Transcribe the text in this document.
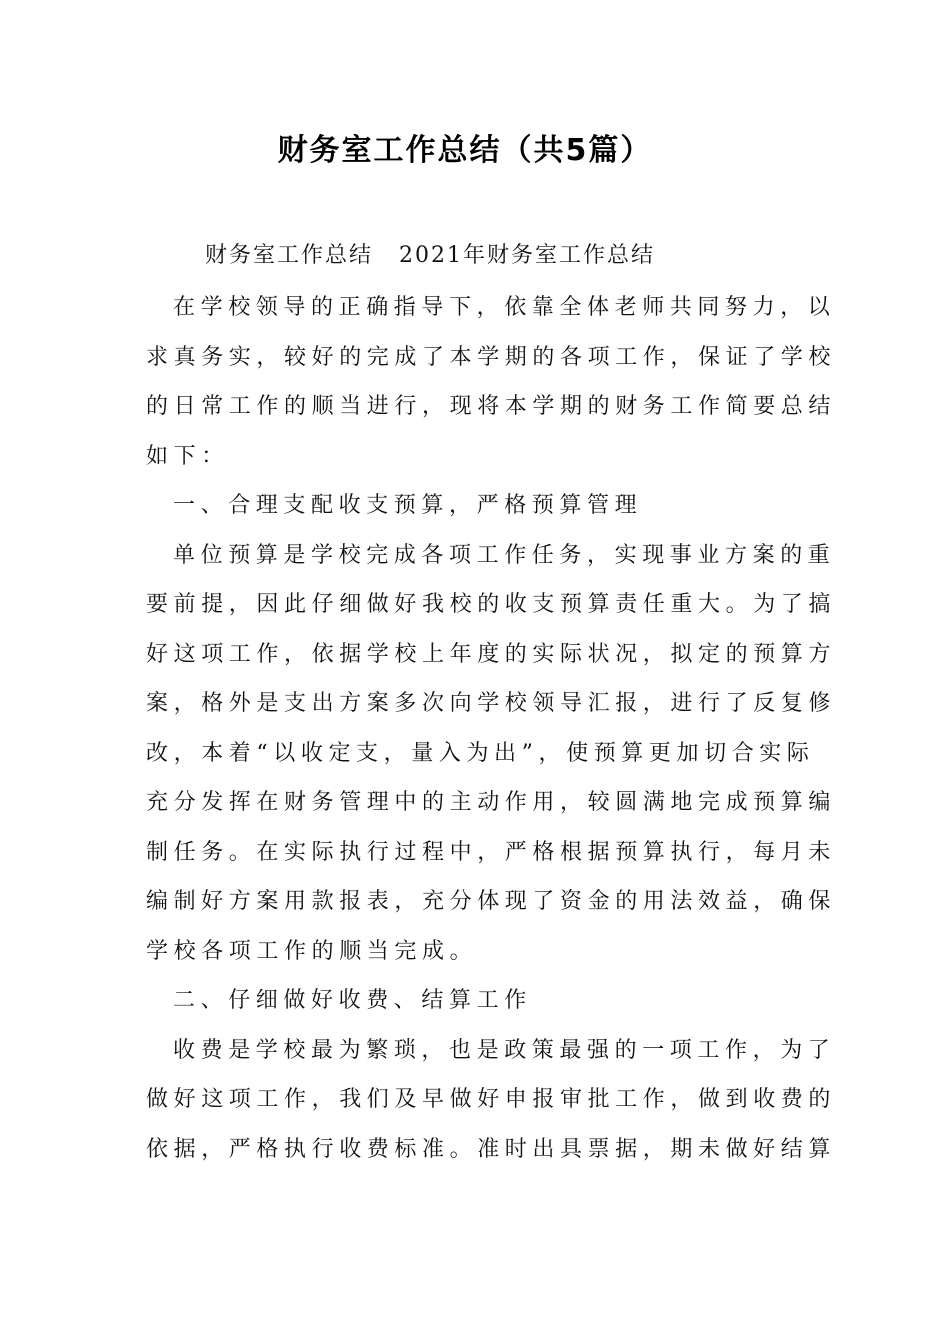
财务室工作总结（共5篇）
财务室工作总结 2021年财务室工作总结
在学校领导的正确指导下，依靠全体老师共同努力，以
求真务实，较好的完成了本学期的各项工作，保证了学校
的日常工作的顺当进行，现将本学期的财务工作简要总结
如下：
一、合理支配收支预算，严格预算管理
单位预算是学校完成各项工作任务，实现事业方案的重
要前提，因此仔细做好我校的收支预算责任重大。为了搞
好这项工作，依据学校上年度的实际状况，拟定的预算方
案，格外是支出方案多次向学校领导汇报，进行了反复修
改，本着“以收定支，量入为出”，使预算更加切合实际
充分发挥在财务管理中的主动作用，较圆满地完成预算编
制任务。在实际执行过程中，严格根据预算执行，每月未
编制好方案用款报表，充分体现了资金的用法效益，确保
学校各项工作的顺当完成。
二、仔细做好收费、结算工作
收费是学校最为繁琐，也是政策最强的一项工作，为了
做好这项工作，我们及早做好申报审批工作，做到收费的
依据，严格执行收费标准。准时出具票据，期未做好结算
